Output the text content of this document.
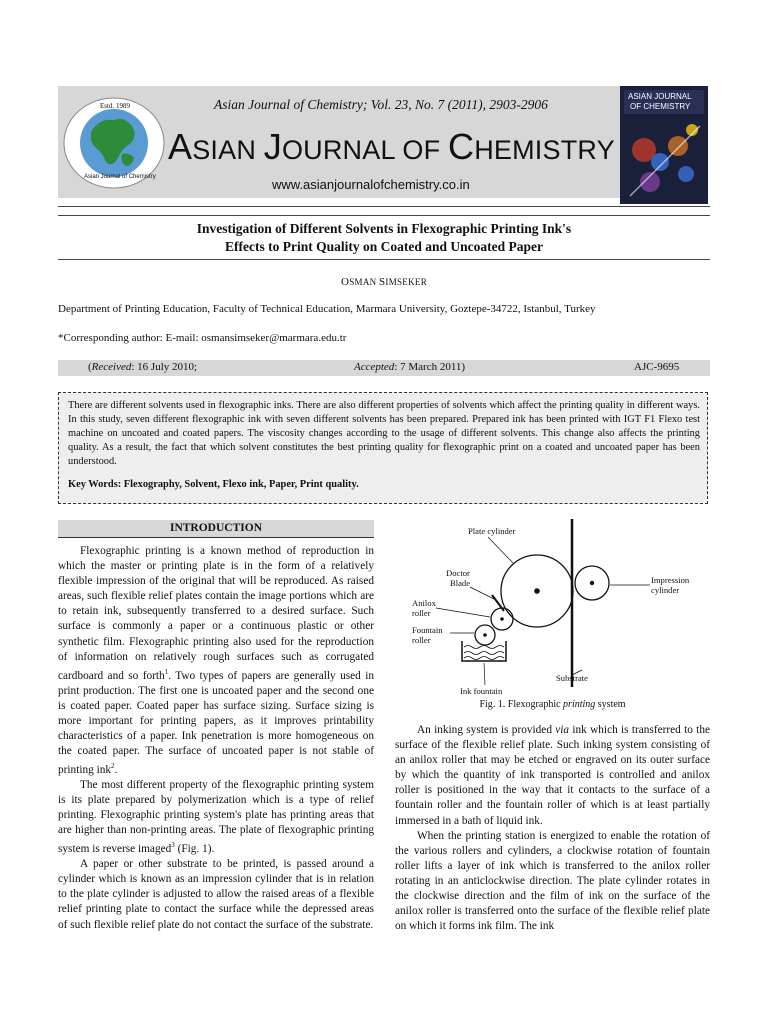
Estd. 1989
Asian Journal of Chemistry
Asian Journal of Chemistry; Vol. 23, No. 7 (2011), 2903-2906
ASIAN JOURNAL OF CHEMISTRY
www.asianjournalofchemistry.co.in
ASIAN JOURNAL
OF CHEMISTRY
Investigation of Different Solvents in Flexographic Printing Ink's
Effects to Print Quality on Coated and Uncoated Paper
OSMAN SIMSEKER
Department of Printing Education, Faculty of Technical Education, Marmara University, Goztepe-34722, Istanbul, Turkey
*Corresponding author: E-mail: osmansimseker@marmara.edu.tr
(Received: 16 July 2010;	Accepted: 7 March 2011)	AJC-9695
There are different solvents used in flexographic inks. There are also different properties of solvents which affect the printing quality in different ways. In this study, seven different flexographic ink with seven different solvents has been prepared. Prepared ink has been printed with IGT F1 Flexo test machine on uncoated and coated papers. The viscosity changes according to the usage of different solvents. This change also affects the printing quality. As a result, the fact that which solvent constitutes the best printing quality for flexographic print on a coated and uncoated paper has been understood.
Key Words: Flexography, Solvent, Flexo ink, Paper, Print quality.
INTRODUCTION

Flexographic printing is a known method of reproduction in which the master or printing plate is in the form of a relatively flexible impression of the original that will be reproduced. As raised areas, such flexible relief plates contain the image portions which are to retain ink, subsequently transferred to a desired surface. Such surface is commonly a paper or a continuous plastic or other synthetic film. Flexographic printing also used for the reproduction of information on relatively rough surfaces such as corrugated cardboard and so forth$^1$. Two types of papers are generally used in print production. The first one is uncoated paper and the second one is coated paper. Coated paper has surface sizing. Surface sizing is more important for printing papers, as it improves printability characteristics of a paper. Ink penetration is more homogeneous on the coated paper. The surface of uncoated paper is not stable of printing ink$^2$.

The most different property of the flexographic printing system is its plate prepared by polymerization which is a type of relief printing. Flexographic printing system's plate has printing areas that are higher than non-printing areas. The plate of flexographic printing system is reverse imaged$^3$ (Fig. 1).

A paper or other substrate to be printed, is passed around a cylinder which is known as an impression cylinder that is in relation to the plate cylinder is adjusted to allow the raised areas of a flexible relief printing plate to contact the surface while the depressed areas of such flexible relief plate do not contact the surface of the substrate.

Plate cylinder
Doctor
Blade
Anilox
roller
Fountain
roller
Impression
cylinder
Substrate
Ink fountain
Fig. 1. Flexographic printing system

An inking system is provided via ink which is transferred to the surface of the flexible relief plate. Such inking system consisting of an anilox roller that may be etched or engraved on its outer surface by which the quantity of ink transported is controlled and anilox roller is positioned in the way that it contacts to the surface of a fountain roller and the fountain roller of which is at least partially immersed in a bath of liquid ink.

When the printing station is energized to enable the rotation of the various rollers and cylinders, a clockwise rotation of fountain roller lifts a layer of ink which is transferred to the anilox roller rotating in an anticlockwise direction. The plate cylinder rotates in the clockwise direction and the film of ink on the surface of the anilox roller is transferred onto the surface of the flexible relief plate on which it forms ink film. The ink
